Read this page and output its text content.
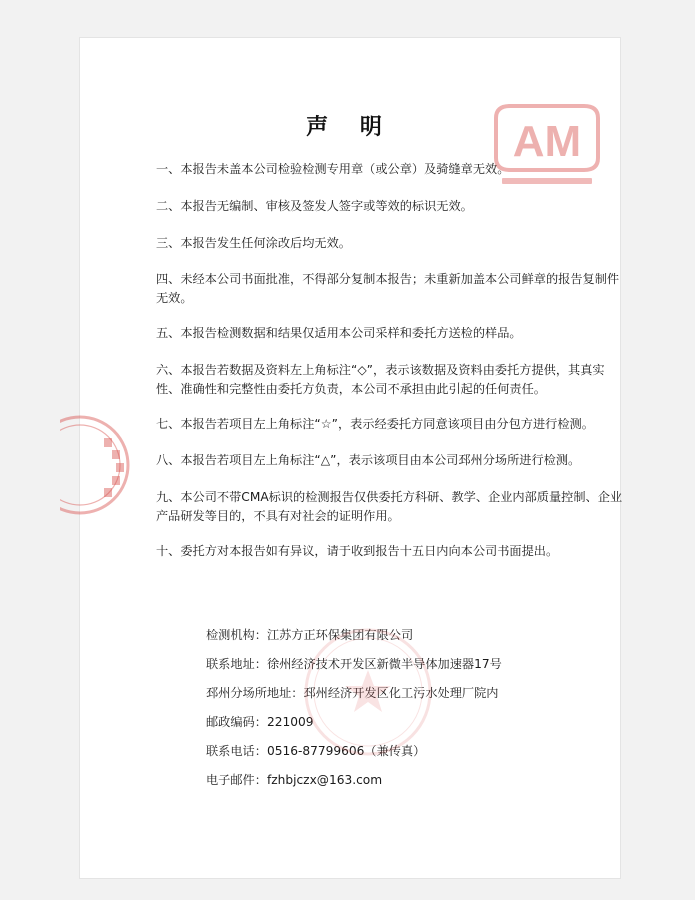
声 明
一、本报告未盖本公司检验检测专用章（或公章）及骑缝章无效。
二、本报告无编制、审核及签发人签字或等效的标识无效。
三、本报告发生任何涂改后均无效。
四、未经本公司书面批准，不得部分复制本报告；未重新加盖本公司鲜章的报告复制件无效。
五、本报告检测数据和结果仅适用本公司采样和委托方送检的样品。
六、本报告若数据及资料左上角标注“◇”，表示该数据及资料由委托方提供，其真实性、准确性和完整性由委托方负责，本公司不承担由此引起的任何责任。
七、本报告若项目左上角标注“☆”，表示经委托方同意该项目由分包方进行检测。
八、本报告若项目左上角标注“△”，表示该项目由本公司邳州分场所进行检测。
九、本公司不带CMA标识的检测报告仅供委托方科研、教学、企业内部质量控制、企业产品研发等目的，不具有对社会的证明作用。
十、委托方对本报告如有异议，请于收到报告十五日内向本公司书面提出。
检测机构：江苏方正环保集团有限公司
联系地址：徐州经济技术开发区新微半导体加速器17号
邳州分场所地址：邳州经济开发区化工污水处理厂院内
邮政编码：221009
联系电话：0516-87799606（兼传真）
电子邮件：fzhbjczx@163.com
AM
